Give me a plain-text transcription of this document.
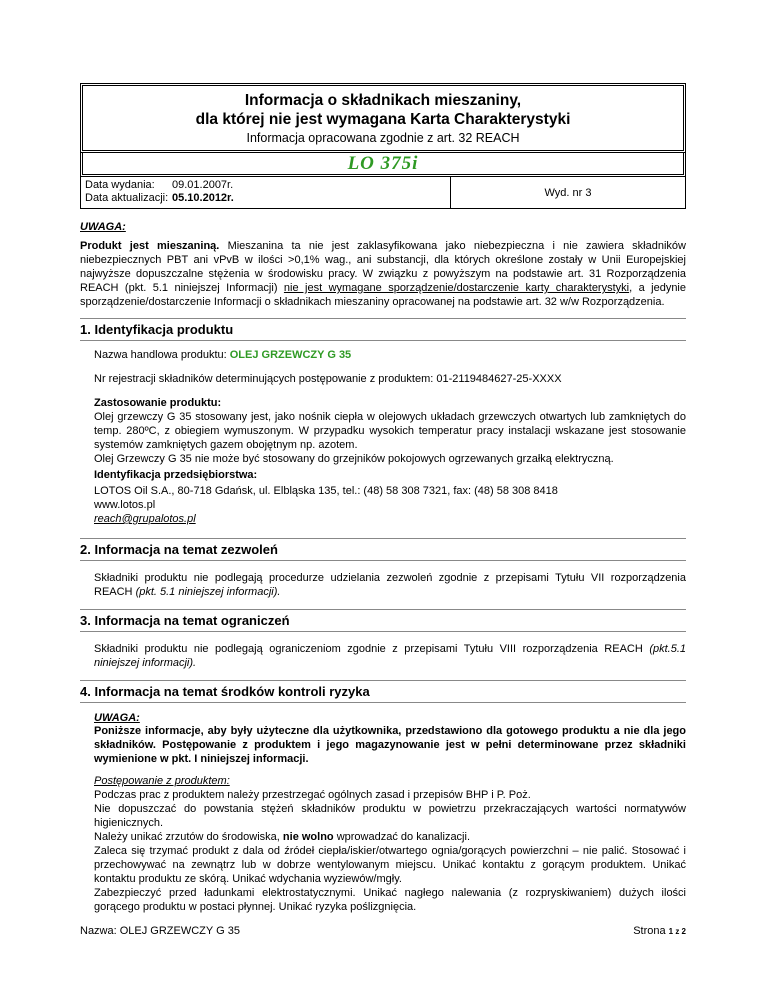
Informacja o składnikach mieszaniny,
dla której nie jest wymagana Karta Charakterystyki
Informacja opracowana zgodnie z art. 32 REACH
LO 375i
Data wydania:	09.01.2007r.
Data aktualizacji: 05.10.2012r.	Wyd. nr 3
UWAGA:

Produkt jest mieszaniną. Mieszanina ta nie jest zaklasyfikowana jako niebezpieczna i nie zawiera składników niebezpiecznych PBT ani vPvB w ilości >0,1% wag., ani substancji, dla których określone zostały w Unii Europejskiej najwyższe dopuszczalne stężenia w środowisku pracy. W związku z powyższym na podstawie art. 31 Rozporządzenia REACH (pkt. 5.1 niniejszej Informacji) nie jest wymagane sporządzenie/dostarczenie karty charakterystyki, a jedynie sporządzenie/dostarczenie Informacji o składnikach mieszaniny opracowanej na podstawie art. 32 w/w Rozporządzenia.

1. Identyfikacja produktu

Nazwa handlowa produktu: OLEJ GRZEWCZY G 35

Nr rejestracji składników determinujących postępowanie z produktem: 01-2119484627-25-XXXX

Zastosowanie produktu:

Olej grzewczy G 35 stosowany jest, jako nośnik ciepła w olejowych układach grzewczych otwartych lub zamkniętych do temp. 280ºC, z obiegiem wymuszonym. W przypadku wysokich temperatur pracy instalacji wskazane jest stosowanie systemów zamkniętych gazem obojętnym np. azotem.

Olej Grzewczy G 35 nie może być stosowany do grzejników pokojowych ogrzewanych grzałką elektryczną.

Identyfikacja przedsiębiorstwa:

LOTOS Oil S.A., 80-718 Gdańsk, ul. Elbląska 135, tel.: (48) 58 308 7321, fax: (48) 58 308 8418

www.lotos.pl

reach@grupalotos.pl

2. Informacja na temat zezwoleń

Składniki produktu nie podlegają procedurze udzielania zezwoleń zgodnie z przepisami Tytułu VII rozporządzenia REACH (pkt. 5.1 niniejszej informacji).

3. Informacja na temat ograniczeń

Składniki produktu nie podlegają ograniczeniom zgodnie z przepisami Tytułu VIII rozporządzenia REACH (pkt.5.1 niniejszej informacji).

4. Informacja na temat środków kontroli ryzyka
UWAGA:

Poniższe informacje, aby były użyteczne dla użytkownika, przedstawiono dla gotowego produktu a nie dla jego składników. Postępowanie z produktem i jego magazynowanie jest w pełni determinowane przez składniki wymienione w pkt. I niniejszej informacji.

Postępowanie z produktem:

Podczas prac z produktem należy przestrzegać ogólnych zasad i przepisów BHP i P. Poż.

Nie dopuszczać do powstania stężeń składników produktu w powietrzu przekraczających wartości normatywów higienicznych.

Należy unikać zrzutów do środowiska, nie wolno wprowadzać do kanalizacji.

Zaleca się trzymać produkt z dala od źródeł ciepła/iskier/otwartego ognia/gorących powierzchni – nie palić. Stosować i przechowywać na zewnątrz lub w dobrze wentylowanym miejscu. Unikać kontaktu z gorącym produktem. Unikać kontaktu produktu ze skórą. Unikać wdychania wyziewów/mgły.

Zabezpieczyć przed ładunkami elektrostatycznymi. Unikać nagłego nalewania (z rozpryskiwaniem) dużych ilości gorącego produktu w postaci płynnej. Unikać ryzyka poślizgnięcia.

Nazwa: OLEJ GRZEWCZY G 35	Strona 1 z 2
